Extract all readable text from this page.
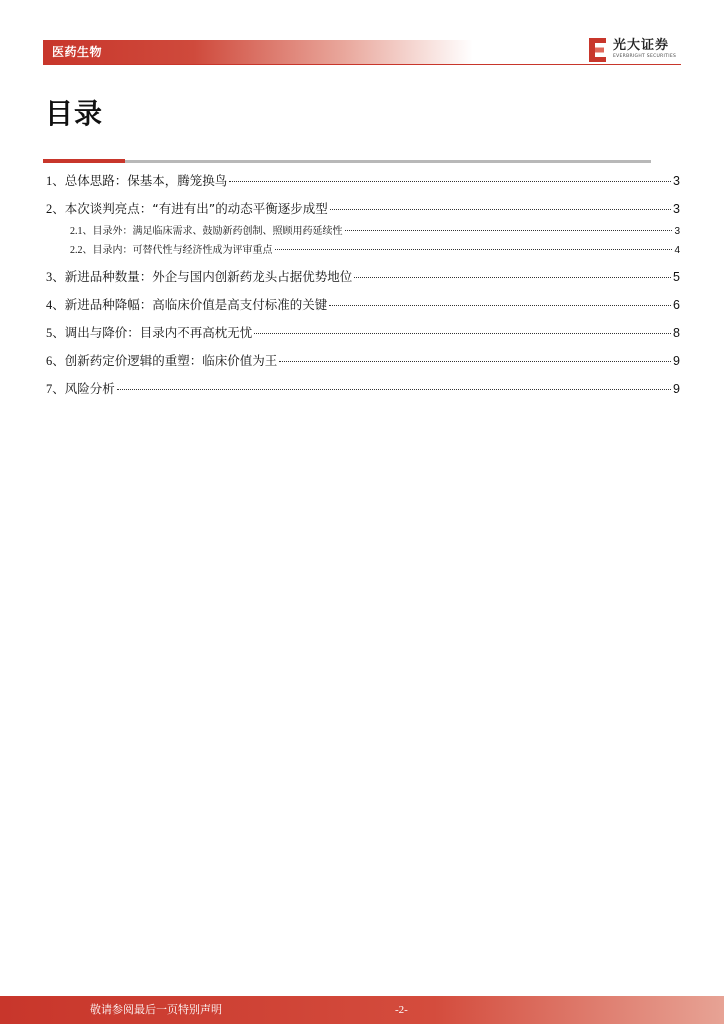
医药生物	光大证券
EVERBRIGHT SECURITIES
目录
1、 总体思路：保基本，腾笼换鸟	3
2、 本次谈判亮点：“有进有出”的动态平衡逐步成型	3
2.1、 目录外：满足临床需求、鼓励新药创制、照顾用药延续性	3
2.2、 目录内：可替代性与经济性成为评审重点	4
3、 新进品种数量：外企与国内创新药龙头占据优势地位	5
4、 新进品种降幅：高临床价值是高支付标准的关键	6
5、 调出与降价：目录内不再高枕无忧	8
6、 创新药定价逻辑的重塑：临床价值为王	9
7、 风险分析	9
敬请参阅最后一页特别声明	-2-
